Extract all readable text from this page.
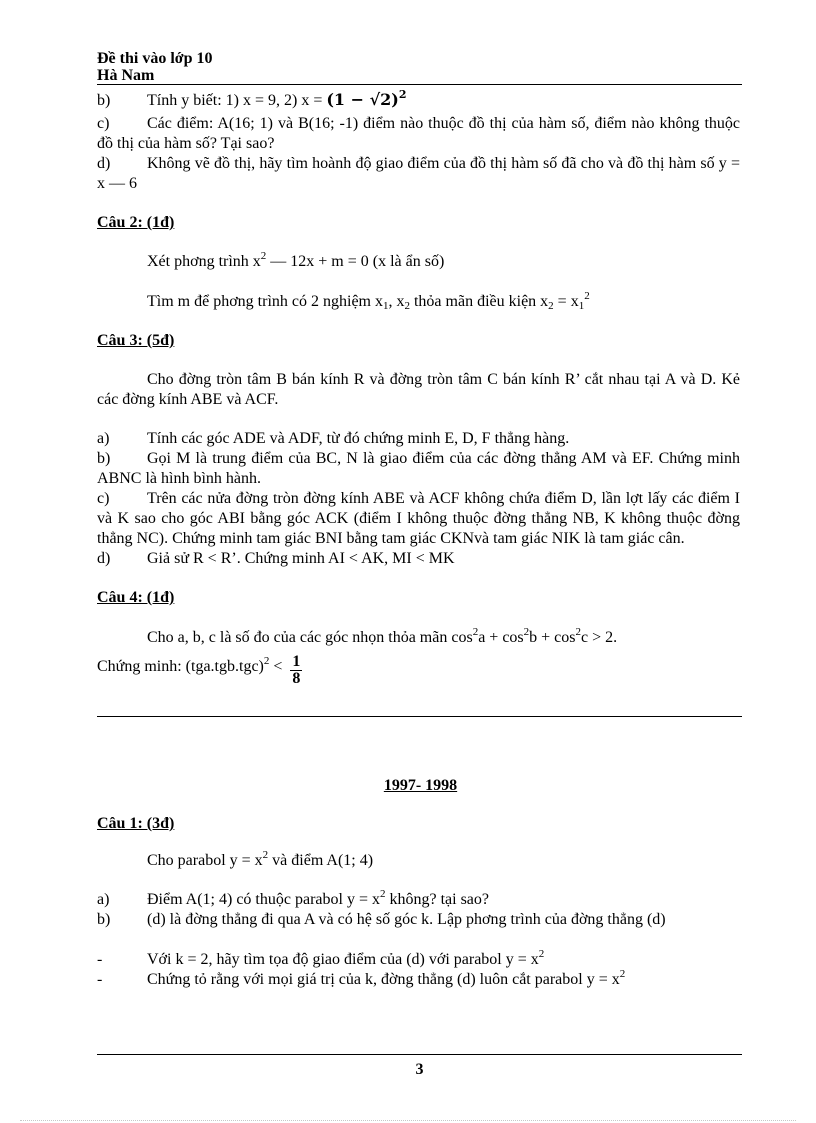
Đề thi vào lớp 10
Hà Nam
b) Tính y biết: 1) x = 9, 2) $x = (1 - √2)^2$
c) Các điểm: A(16; 1) và B(16; -1) điểm nào thuộc đồ thị của hàm số, điểm nào không thuộc đồ thị của hàm số? Tại sao?
d) Không vẽ đồ thị, hãy tìm hoành độ giao điểm của đồ thị hàm số đã cho và đồ thị hàm số y = x — 6
Câu 2: (1đ)
Xét phơng trình $x^2$ — 12x + m = 0 (x là ẩn số)
Tìm m để phơng trình có 2 nghiệm $x_1$, $x_2$ thỏa mãn điều kiện $x_2 = x_1^2$
Câu 3: (5đ)
Cho đờng tròn tâm B bán kính R và đờng tròn tâm C bán kính R’ cắt nhau tại A và D. Kẻ các đờng kính ABE và ACF.
a) Tính các góc ADE và ADF, từ đó chứng minh E, D, F thẳng hàng.
b) Gọi M là trung điểm của BC, N là giao điểm của các đờng thẳng AM và EF. Chứng minh ABNC là hình bình hành.
c) Trên các nửa đờng tròn đờng kính ABE và ACF không chứa điểm D, lần lợt lấy các điểm I và K sao cho góc ABI bằng góc ACK (điểm I không thuộc đờng thẳng NB, K không thuộc đờng thẳng NC). Chứng minh tam giác BNI bằng tam giác CKNvà tam giác NIK là tam giác cân.
d) Giả sử R < R’. Chứng minh AI < AK, MI < MK
Câu 4: (1đ)
Cho a, b, c là số đo của các góc nhọn thỏa mãn $\cos^2a + \cos^2b + \cos^2c > 2$.
Chứng minh: $(tga.tgb.tgc)^2 < \frac{1}{8}$
1997- 1998
Câu 1: (3đ)
Cho parabol $y = x^2$ và điểm A(1; 4)
a) Điểm A(1; 4) có thuộc parabol $y = x^2$ không? tại sao?
b) (d) là đờng thẳng đi qua A và có hệ số góc k. Lập phơng trình của đờng thẳng (d)
-	Với k = 2, hãy tìm tọa độ giao điểm của (d) với parabol $y = x^2$
-	Chứng tỏ rằng với mọi giá trị của k, đờng thẳng (d) luôn cắt parabol $y = x^2$
3
